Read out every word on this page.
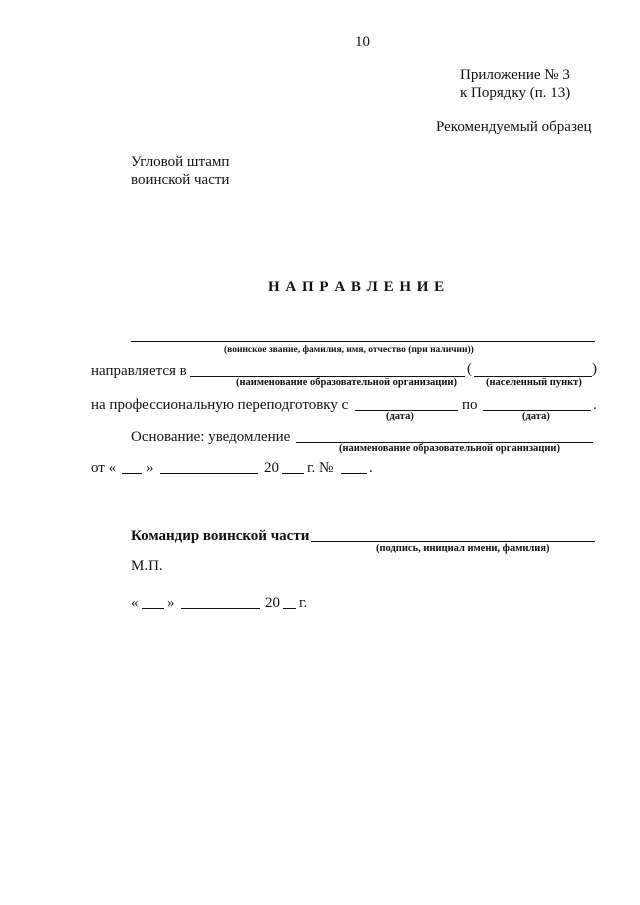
10
Приложение № 3
к Порядку (п. 13)
Рекомендуемый образец
Угловой штамп
воинской части
Н А П Р А В Л Е Н И Е
(воинское звание, фамилия, имя, отчество (при наличии))
направляется в	(	)
(наименование образовательной организации)	(населенный пункт)
на профессиональную переподготовку с	по	.
(дата)	(дата)
Основание: уведомление
(наименование образовательной организации)
от « »	20 г. № .
Командир воинской части
(подпись, инициал имени, фамилия)
М.П.
« »	20 г.
